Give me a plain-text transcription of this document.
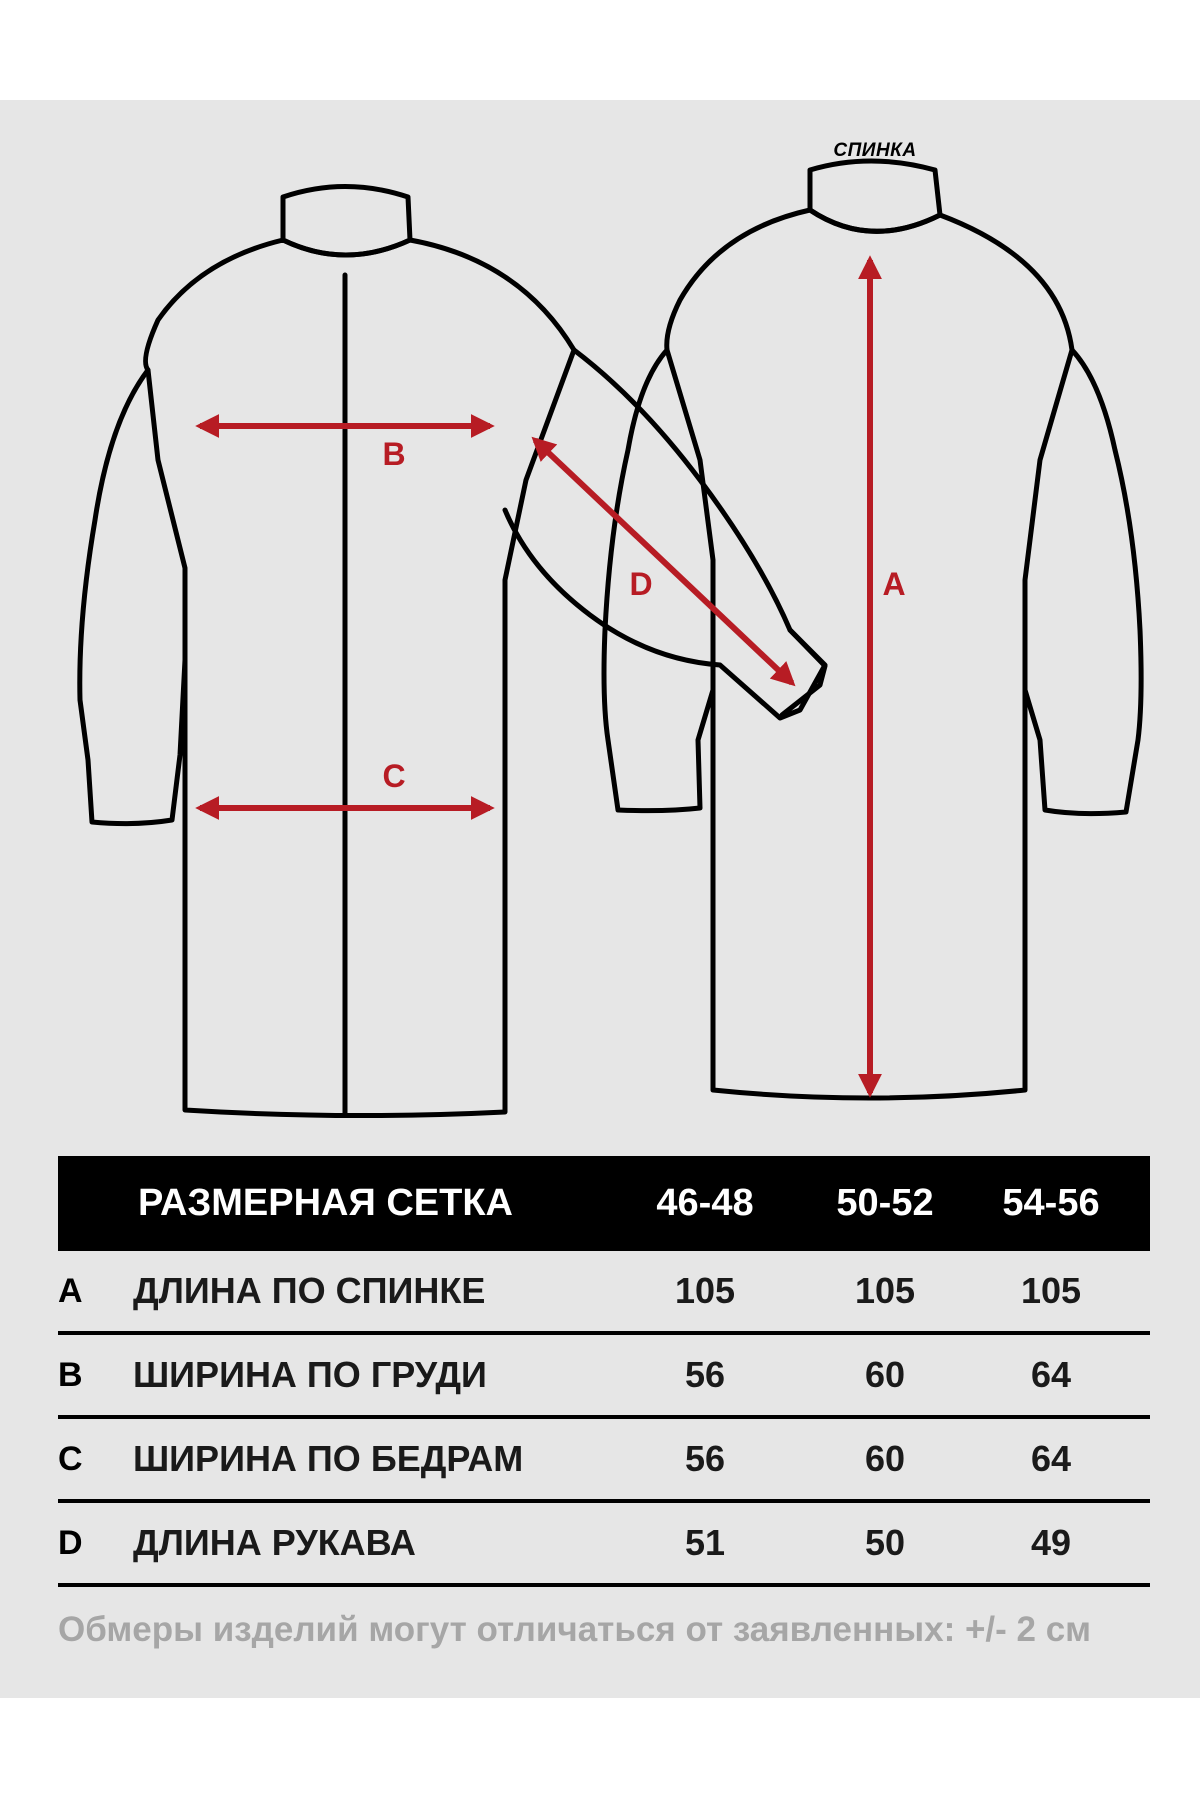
СПИНКА
B
C
D	A
РАЗМЕРНАЯ СЕТКА	46-48	50-52	54-56
A ДЛИНА ПО СПИНКЕ	105	105	105
B ШИРИНА ПО ГРУДИ	56	60	64
C ШИРИНА ПО БЕДРАМ	56	60	64
D ДЛИНА РУКАВА	51	50	49
Обмеры изделий могут отличаться от заявленных: +/- 2 см
